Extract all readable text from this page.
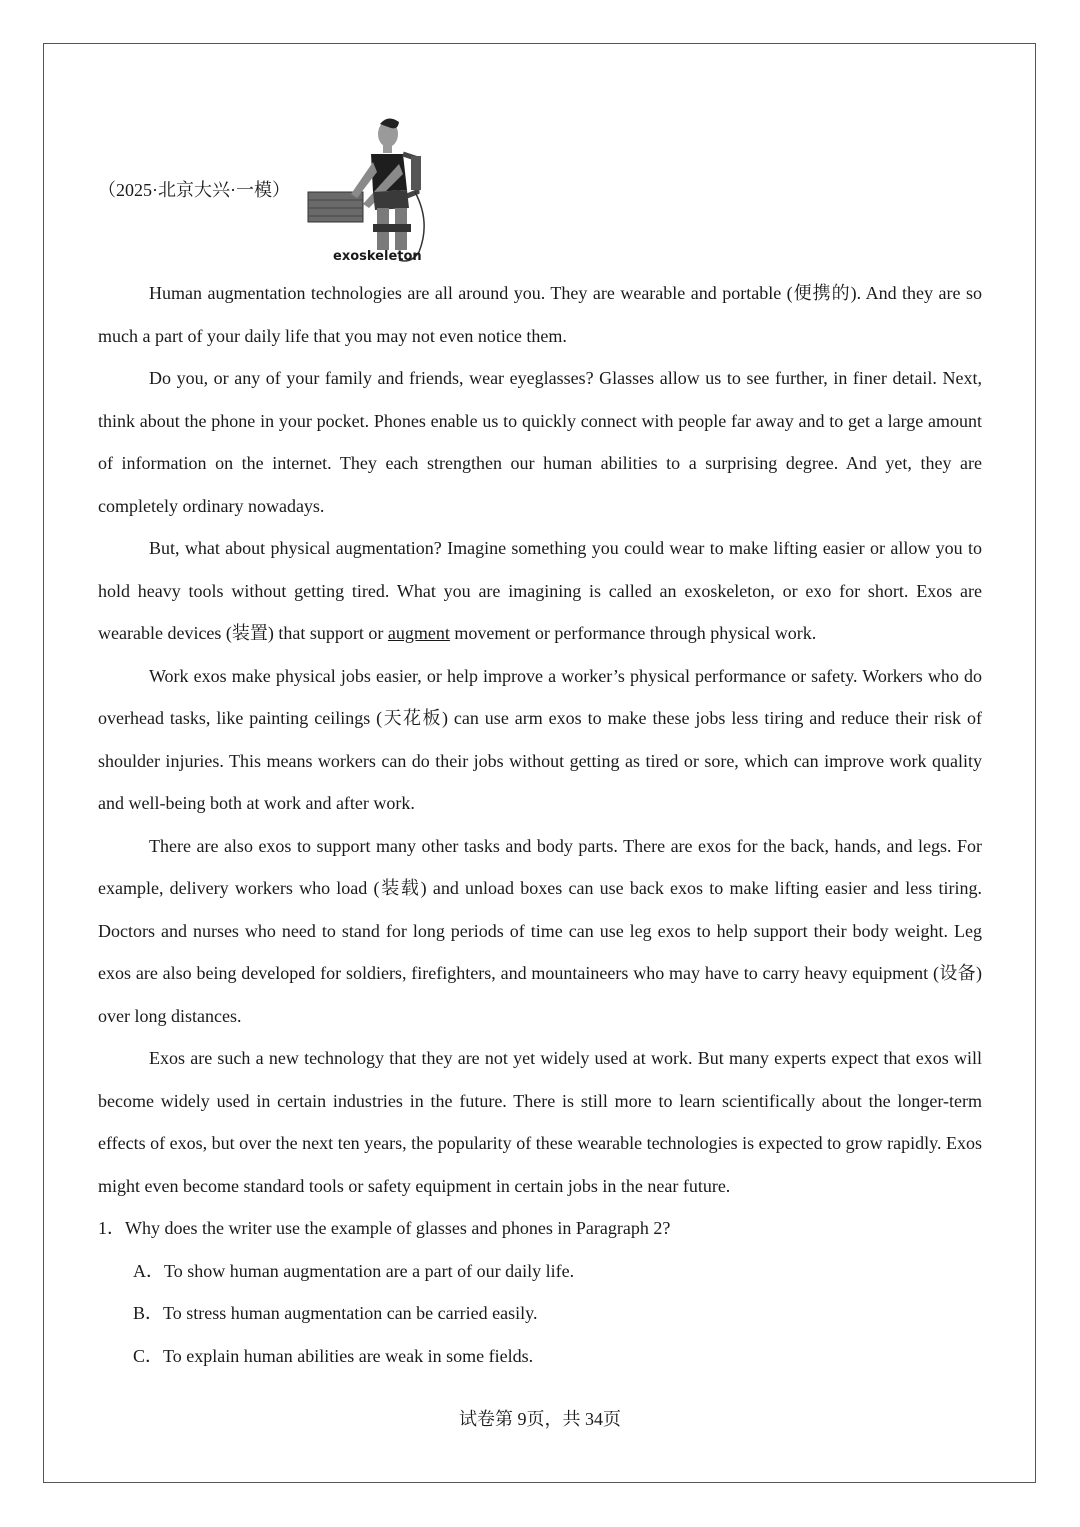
（2025·北京大兴·一模）
exoskeleton

Human augmentation technologies are all around you. They are wearable and portable (便携的). And they are so much a part of your daily life that you may not even notice them.

Do you, or any of your family and friends, wear eyeglasses? Glasses allow us to see further, in finer detail. Next, think about the phone in your pocket. Phones enable us to quickly connect with people far away and to get a large amount of information on the internet. They each strengthen our human abilities to a surprising degree. And yet, they are completely ordinary nowadays.

But, what about physical augmentation? Imagine something you could wear to make lifting easier or allow you to hold heavy tools without getting tired. What you are imagining is called an exoskeleton, or exo for short. Exos are wearable devices (装置) that support or augment movement or performance through physical work.

Work exos make physical jobs easier, or help improve a worker’s physical performance or safety. Workers who do overhead tasks, like painting ceilings (天花板) can use arm exos to make these jobs less tiring and reduce their risk of shoulder injuries. This means workers can do their jobs without getting as tired or sore, which can improve work quality and well-being both at work and after work.

There are also exos to support many other tasks and body parts. There are exos for the back, hands, and legs. For example, delivery workers who load (装载) and unload boxes can use back exos to make lifting easier and less tiring. Doctors and nurses who need to stand for long periods of time can use leg exos to help support their body weight. Leg exos are also being developed for soldiers, firefighters, and mountaineers who may have to carry heavy equipment (设备) over long distances.

Exos are such a new technology that they are not yet widely used at work. But many experts expect that exos will become widely used in certain industries in the future. There is still more to learn scientifically about the longer-term effects of exos, but over the next ten years, the popularity of these wearable technologies is expected to grow rapidly. Exos might even become standard tools or safety equipment in certain jobs in the near future.

1．Why does the writer use the example of glasses and phones in Paragraph 2?
A．To show human augmentation are a part of our daily life.
B．To stress human augmentation can be carried easily.
C．To explain human abilities are weak in some fields.
试卷第 9页，共 34页
